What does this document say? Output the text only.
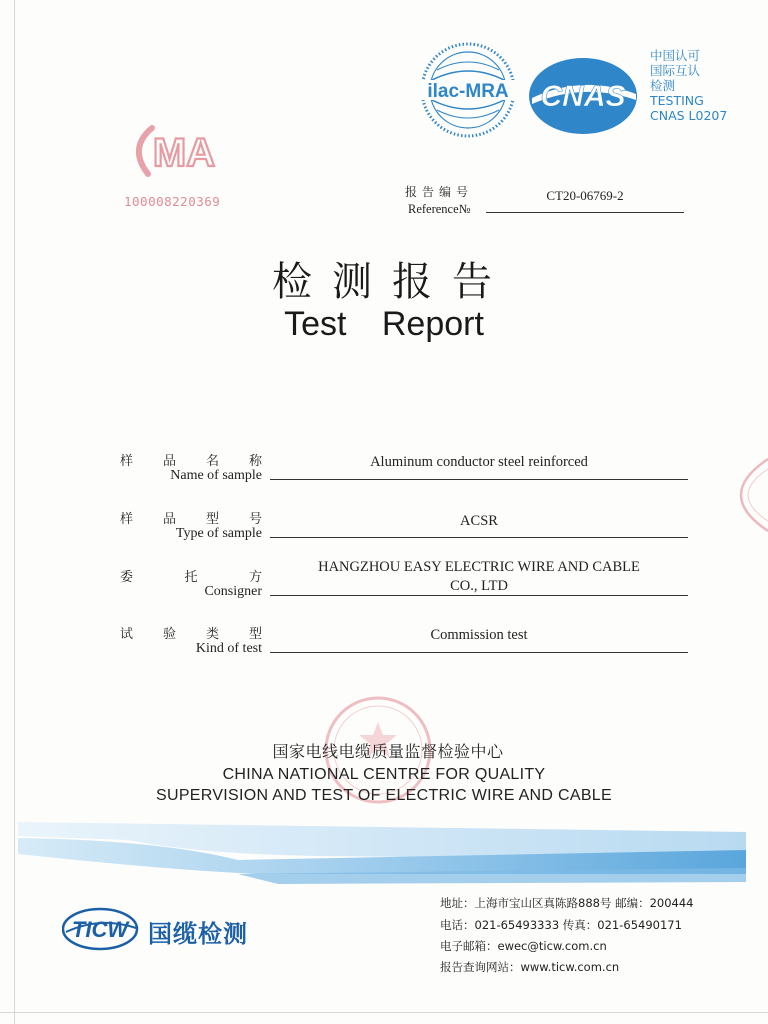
ilac-MRA CNAS
中国认可
国际互认
检测
TESTING
CNAS L0207
MA
100008220369
报告编号
Reference№
CT20-06769-2
检测报告
Test Report
样 品 名 称
Name of sample
Aluminum conductor steel reinforced
样 品 型 号
Type of sample
ACSR
委	托	方
Consigner
HANGZHOU EASY ELECTRIC WIRE AND CABLE
CO., LTD
试 验 类 型
Kind of test
Commission test
国家电线电缆质量监督检验中心
CHINA NATIONAL CENTRE FOR QUALITY
SUPERVISION AND TEST OF ELECTRIC WIRE AND CABLE
TICW 国缆检测
地址：上海市宝山区真陈路888号 邮编：200444
电话：021-65493333 传真：021-65490171
电子邮箱：ewec@ticw.com.cn
报告查询网站：www.ticw.com.cn
